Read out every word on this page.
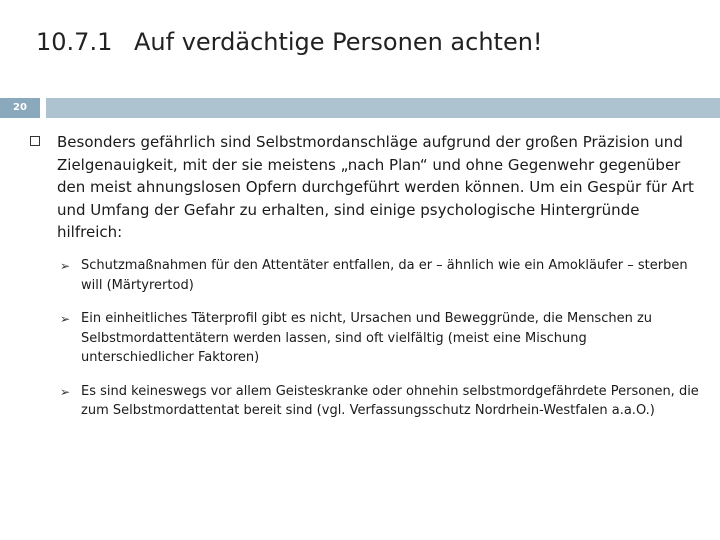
10.7.1 Auf verdächtige Personen achten!
20
Besonders gefährlich sind Selbstmordanschläge aufgrund der großen Präzision und Zielgenauigkeit, mit der sie meistens „nach Plan“ und ohne Gegenwehr gegenüber den meist ahnungslosen Opfern durchgeführt werden können. Um ein Gespür für Art und Umfang der Gefahr zu erhalten, sind einige psychologische Hintergründe hilfreich:
➢ Schutzmaßnahmen für den Attentäter entfallen, da er – ähnlich wie ein Amokläufer – sterben will (Märtyrertod)
➢ Ein einheitliches Täterprofil gibt es nicht, Ursachen und Beweggründe, die Menschen zu Selbstmordattentätern werden lassen, sind oft vielfältig (meist eine Mischung unterschiedlicher Faktoren)
➢ Es sind keineswegs vor allem Geisteskranke oder ohnehin selbstmordgefährdete Personen, die zum Selbstmordattentat bereit sind (vgl. Verfassungsschutz Nordrhein-Westfalen a.a.O.)
